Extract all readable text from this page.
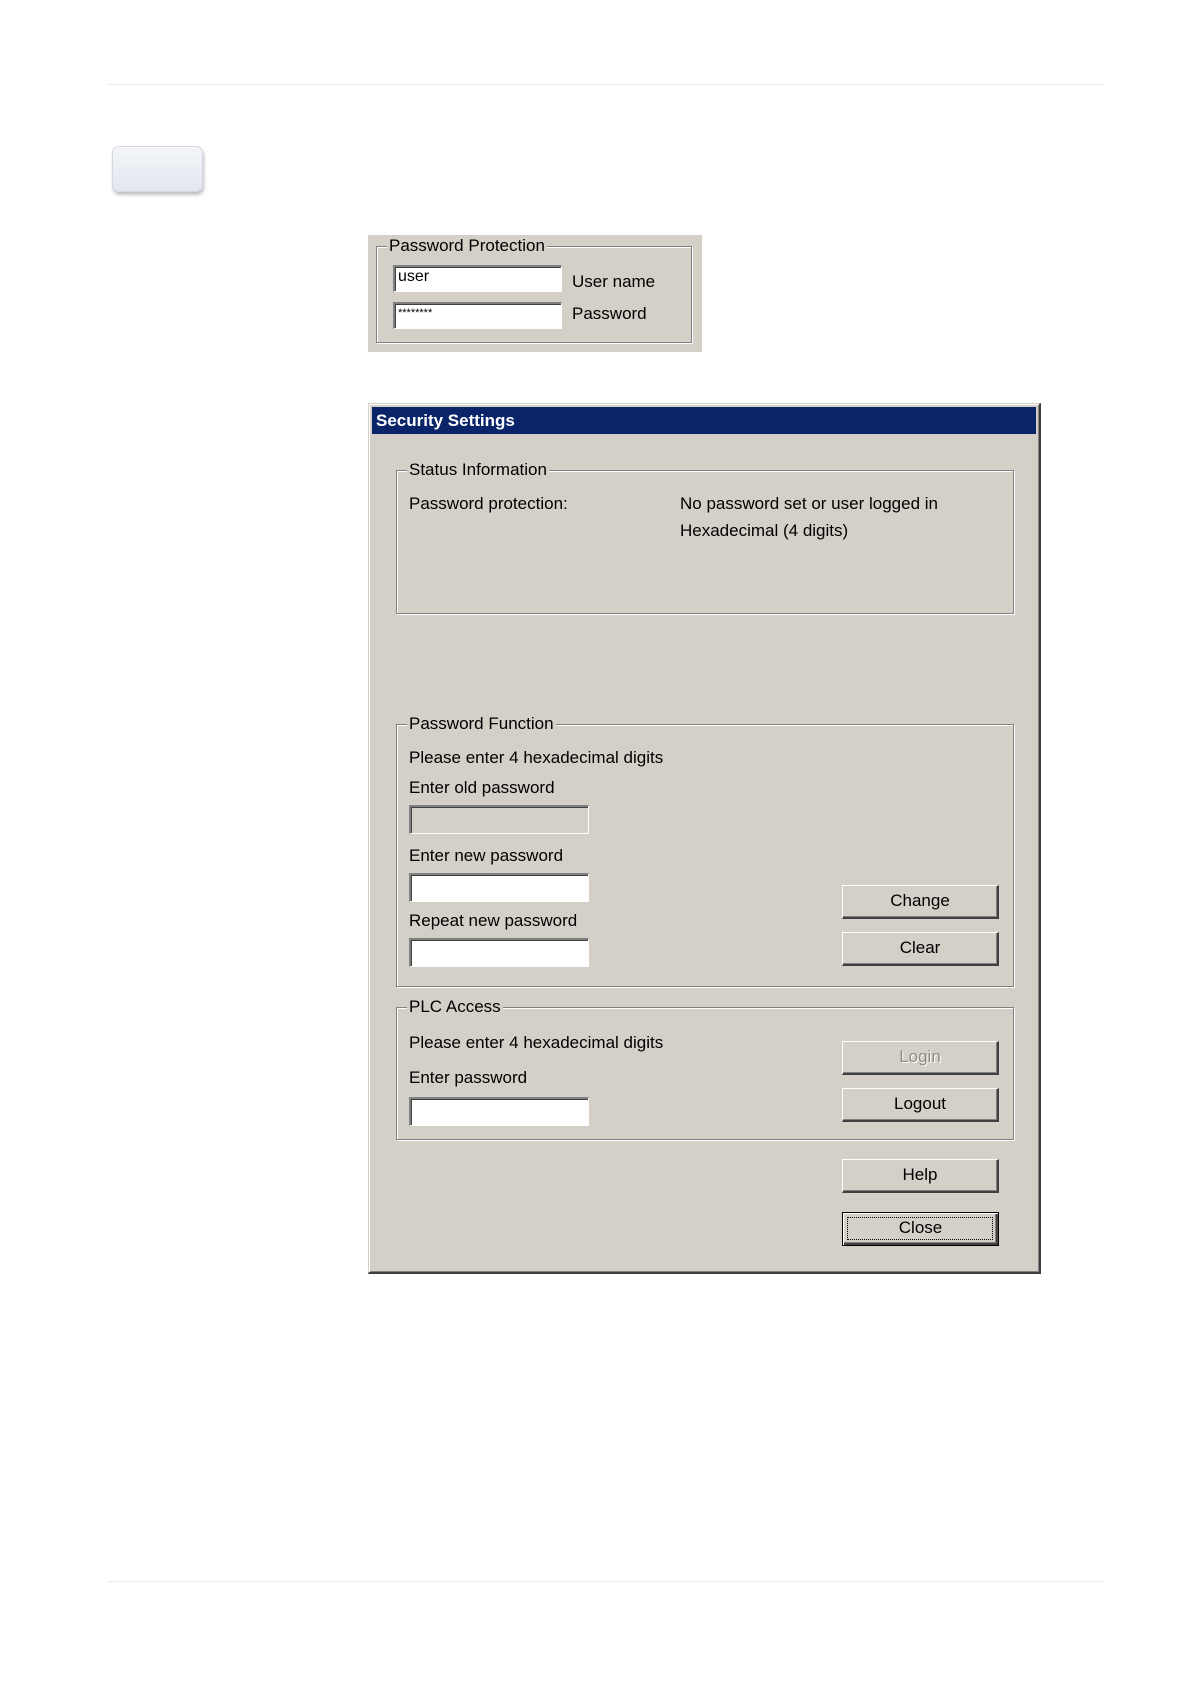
Password Protection
user	User name
********	Password
Security Settings
Status Information
Password protection:	No password set or user logged in
Hexadecimal (4 digits)
Password Function
Please enter 4 hexadecimal digits
Enter old password
Enter new password
Repeat new password
Change
Clear
PLC Access
Please enter 4 hexadecimal digits
Enter password
Login
Logout
Help
Close
